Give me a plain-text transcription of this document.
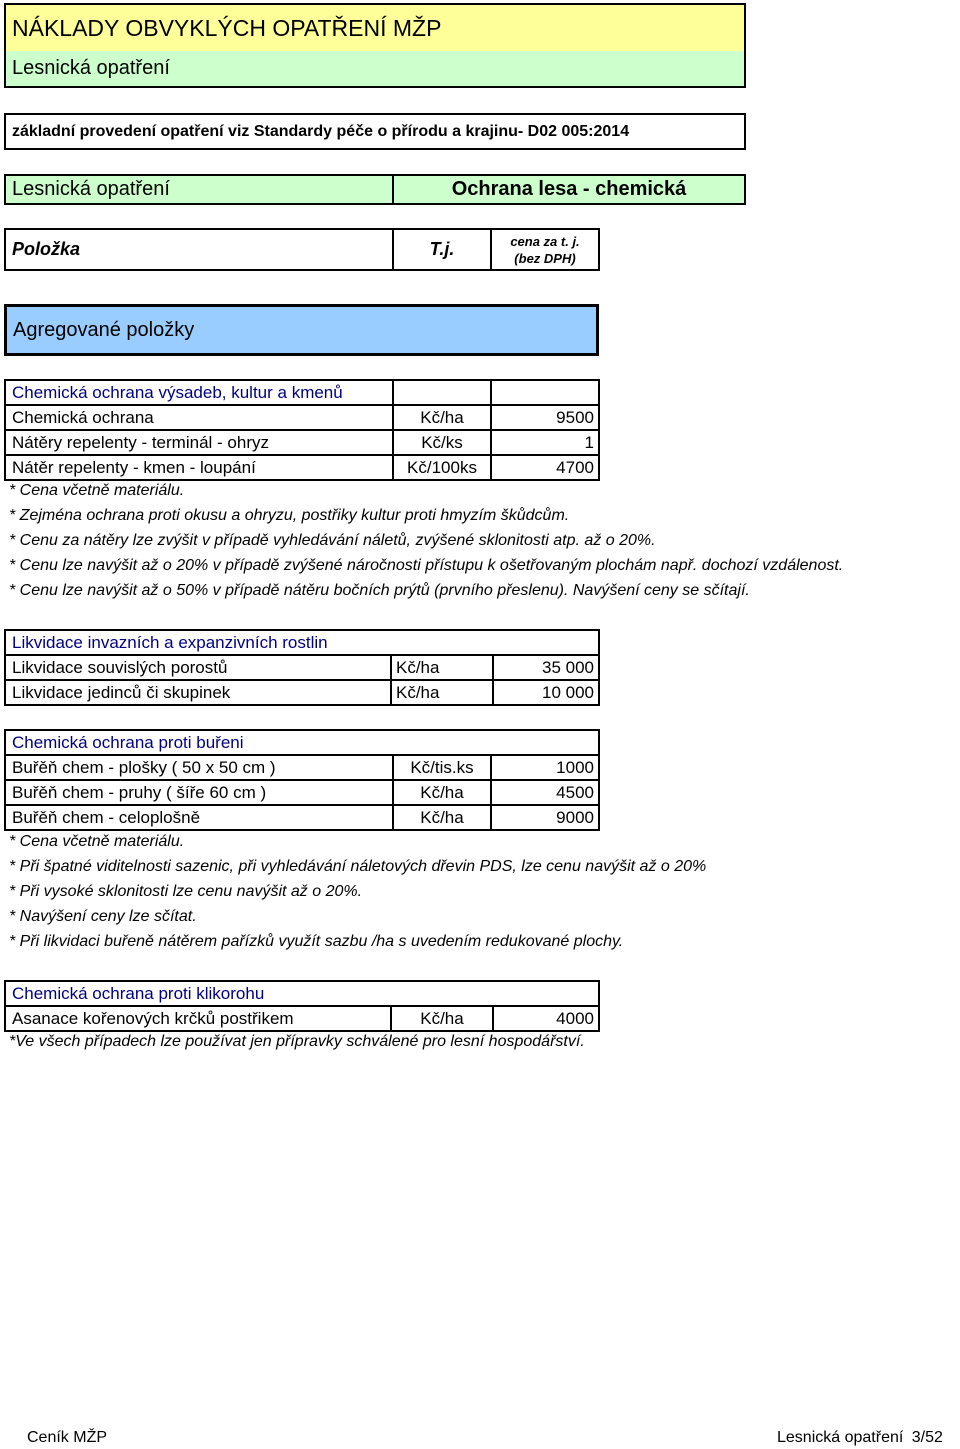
NÁKLADY OBVYKLÝCH OPATŘENÍ MŽP
Lesnická opatření
základní provedení opatření viz Standardy péče o přírodu a krajinu- D02 005:2014
Lesnická opatření	Ochrana lesa - chemická
Položka	T.j.	cena za t. j.
(bez DPH)
Agregované položky
Chemická ochrana výsadeb, kultur a kmenů
Chemická ochrana	Kč/ha	9500
Nátěry repelenty - terminál - ohryz	Kč/ks	1
Nátěr repelenty - kmen - loupání	Kč/100ks	4700
* Cena včetně materiálu.
* Zejména ochrana proti okusu a ohryzu, postřiky kultur proti hmyzím škůdcům.
* Cenu za nátěry lze zvýšit v případě vyhledávání náletů, zvýšené sklonitosti atp. až o 20%.
* Cenu lze navýšit až o 20% v případě zvýšené náročnosti přístupu k ošetřovaným plochám např. dochozí vzdálenost.
* Cenu lze navýšit až o 50% v případě nátěru bočních prýtů (prvního přeslenu). Navýšení ceny se sčítají.
Likvidace invazních a expanzivních rostlin
Likvidace souvislých porostů	Kč/ha	35 000
Likvidace jedinců či skupinek	Kč/ha	10 000
Chemická ochrana proti buřeni
Buřěň chem - plošky ( 50 x 50 cm )	Kč/tis.ks	1000
Buřěň chem - pruhy ( šíře 60 cm )	Kč/ha	4500
Buřěň chem - celoplošně	Kč/ha	9000
* Cena včetně materiálu.
* Při špatné viditelnosti sazenic, při vyhledávání náletových dřevin PDS, lze cenu navýšit až o 20%
* Při vysoké sklonitosti lze cenu navýšit až o 20%.
* Navýšení ceny lze sčítat.
* Při likvidaci buřeně nátěrem pařízků využít sazbu /ha s uvedením redukované plochy.
Chemická ochrana proti klikorohu
Asanace kořenových krčků postřikem	Kč/ha	4000
*Ve všech případech lze používat jen přípravky schválené pro lesní hospodářství.
Ceník MŽP	Lesnická opatření 3/52
